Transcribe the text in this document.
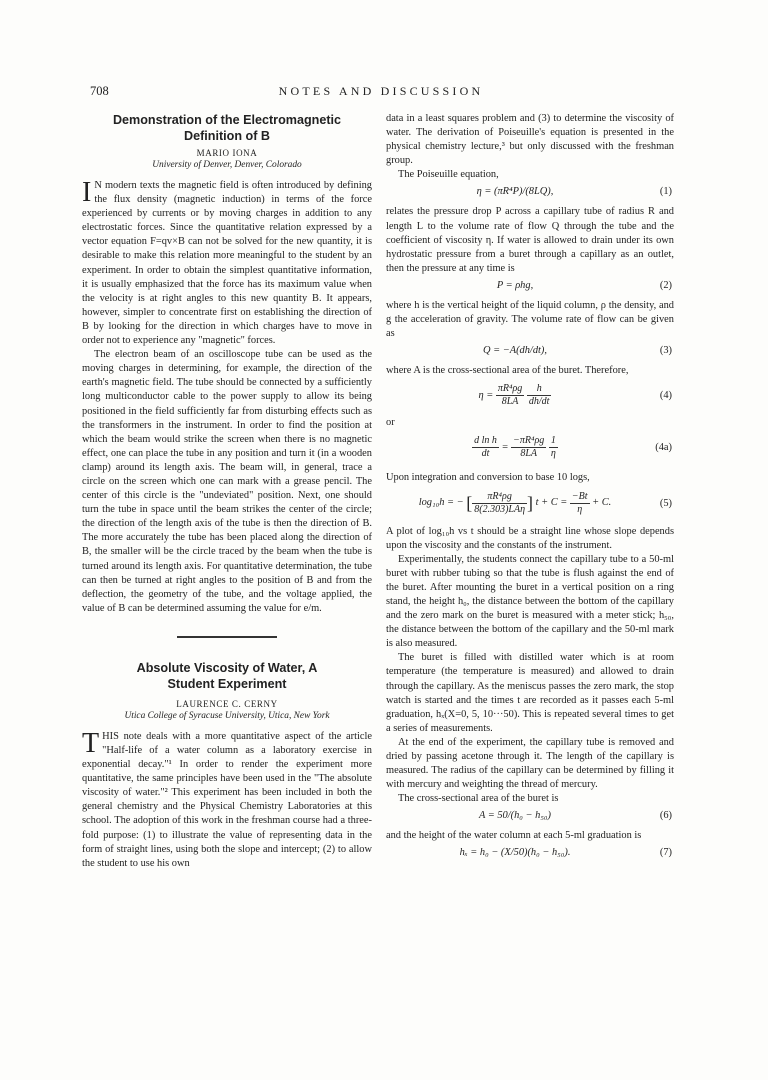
708	NOTES AND DISCUSSION
Demonstration of the Electromagnetic Definition of B
MARIO IONA
University of Denver, Denver, Colorado

I N modern texts the magnetic field is often introduced by defining the flux density (magnetic induction) in terms of the force experienced by currents or by moving charges in addition to any electrostatic forces. Since the quantitative relation expressed by a vector equation F=qv×B can not be solved for the new quantity, it is desirable to make this relation more meaningful to the student by an experiment. In order to obtain the simplest quantitative information, it is usually emphasized that the force has its maximum value when the velocity is at right angles to this new quantity B. It appears, however, simpler to concentrate first on establishing the direction of B by looking for the direction in which charges have to move in order not to experience any "magnetic" forces.

The electron beam of an oscilloscope tube can be used as the moving charges in determining, for example, the direction of the earth's magnetic field. The tube should be connected by a sufficiently long multiconductor cable to the power supply to allow its being positioned in the field sufficiently far from disturbing effects such as the transformers in the instrument. In order to find the position at which the beam would strike the screen when there is no magnetic effect, one can place the tube in any position and turn it (in a wooden clamp) around its length axis. The beam will, in general, trace a circle on the screen which one can mark with a grease pencil. The center of this circle is the "undeviated" position. Next, one should turn the tube in space until the beam strikes the center of the circle; the direction of the length axis of the tube is then the direction of B. The more accurately the tube has been placed along the direction of B, the smaller will be the circle traced by the beam when the tube is turned around its length axis. For quantitative determination, the tube can then be turned at right angles to the position of B and from the deflection, the geometry of the tube, and the voltage applied, the value of B can be determined assuming the value for e/m.

Absolute Viscosity of Water, A Student Experiment
LAURENCE C. CERNY
Utica College of Syracuse University, Utica, New York

THIS note deals with a more quantitative aspect of the article "Half-life of a water column as a laboratory exercise in exponential decay."¹ In order to render the experiment more quantitative, the same principles have been used in the "The absolute viscosity of water."² This experiment has been included in both the general chemistry and the Physical Chemistry Laboratories at this school. The adoption of this work in the freshman course had a three-fold purpose: (1) to illustrate the value of representing data in the form of straight lines, using both the slope and intercept; (2) to allow the student to use his own

data in a least squares problem and (3) to determine the viscosity of water. The derivation of Poiseuille's equation is presented in the physical chemistry lecture,³ but only discussed with the freshman group.

The Poiseuille equation,

η = (πR⁴P)/(8LQ),	(1)

relates the pressure drop P across a capillary tube of radius R and length L to the volume rate of flow Q through the tube and the coefficient of viscosity η. If water is allowed to drain under its own hydrostatic pressure from a buret through a capillary as an outlet, then the pressure at any time is

P = ρhg,	(2)

where h is the vertical height of the liquid column, ρ the density, and g the acceleration of gravity. The volume rate of flow can be given as

Q = −A(dh/dt),	(3)

where A is the cross-sectional area of the buret. Therefore,

$\eta = \frac{\text{πR⁴ρg}}{8LA}$
$\frac{h}{dh/dt}$	(4)
or
$\frac{\text{d ln h}}{dt} = \frac{\text{−πR⁴ρg}}{8LA}$
$\frac{1}{\eta}$	(4a)

Upon integration and conversion to base 10 logs,

log₁₀h = − [ $\frac{\text{πR⁴ρg}}{\text{8(2.303)LAη}}$ ] $t + C = \frac{-Bt}{\eta} + C$.	(5)

A plot of log₁₀h vs t should be a straight line whose slope depends upon the viscosity and the constants of the instrument.

Experimentally, the students connect the capillary tube to a 50-ml buret with rubber tubing so that the tube is flush against the end of the buret. After mounting the buret in a vertical position on a ring stand, the height h₀, the distance between the bottom of the capillary and the zero mark on the buret is measured with a meter stick; h₅₀, the distance between the bottom of the capillary and the 50-ml mark is also measured.

The buret is filled with distilled water which is at room temperature (the temperature is measured) and allowed to drain through the capillary. As the meniscus passes the zero mark, the stop watch is started and the times t are recorded as it passes each 5-ml graduation, hₓ(X=0, 5, 10···50). This is repeated several times to get a series of measurements.

At the end of the experiment, the capillary tube is removed and dried by passing acetone through it. The length of the capillary is measured. The radius of the capillary can be determined by filling it with mercury and weighting the thread of mercury.

The cross-sectional area of the buret is

A = 50/(h₀ − h₅₀)	(6)

and the height of the water column at each 5-ml graduation is

hₓ = h₀ − (X/50)(h₀ − h₅₀).	(7)
